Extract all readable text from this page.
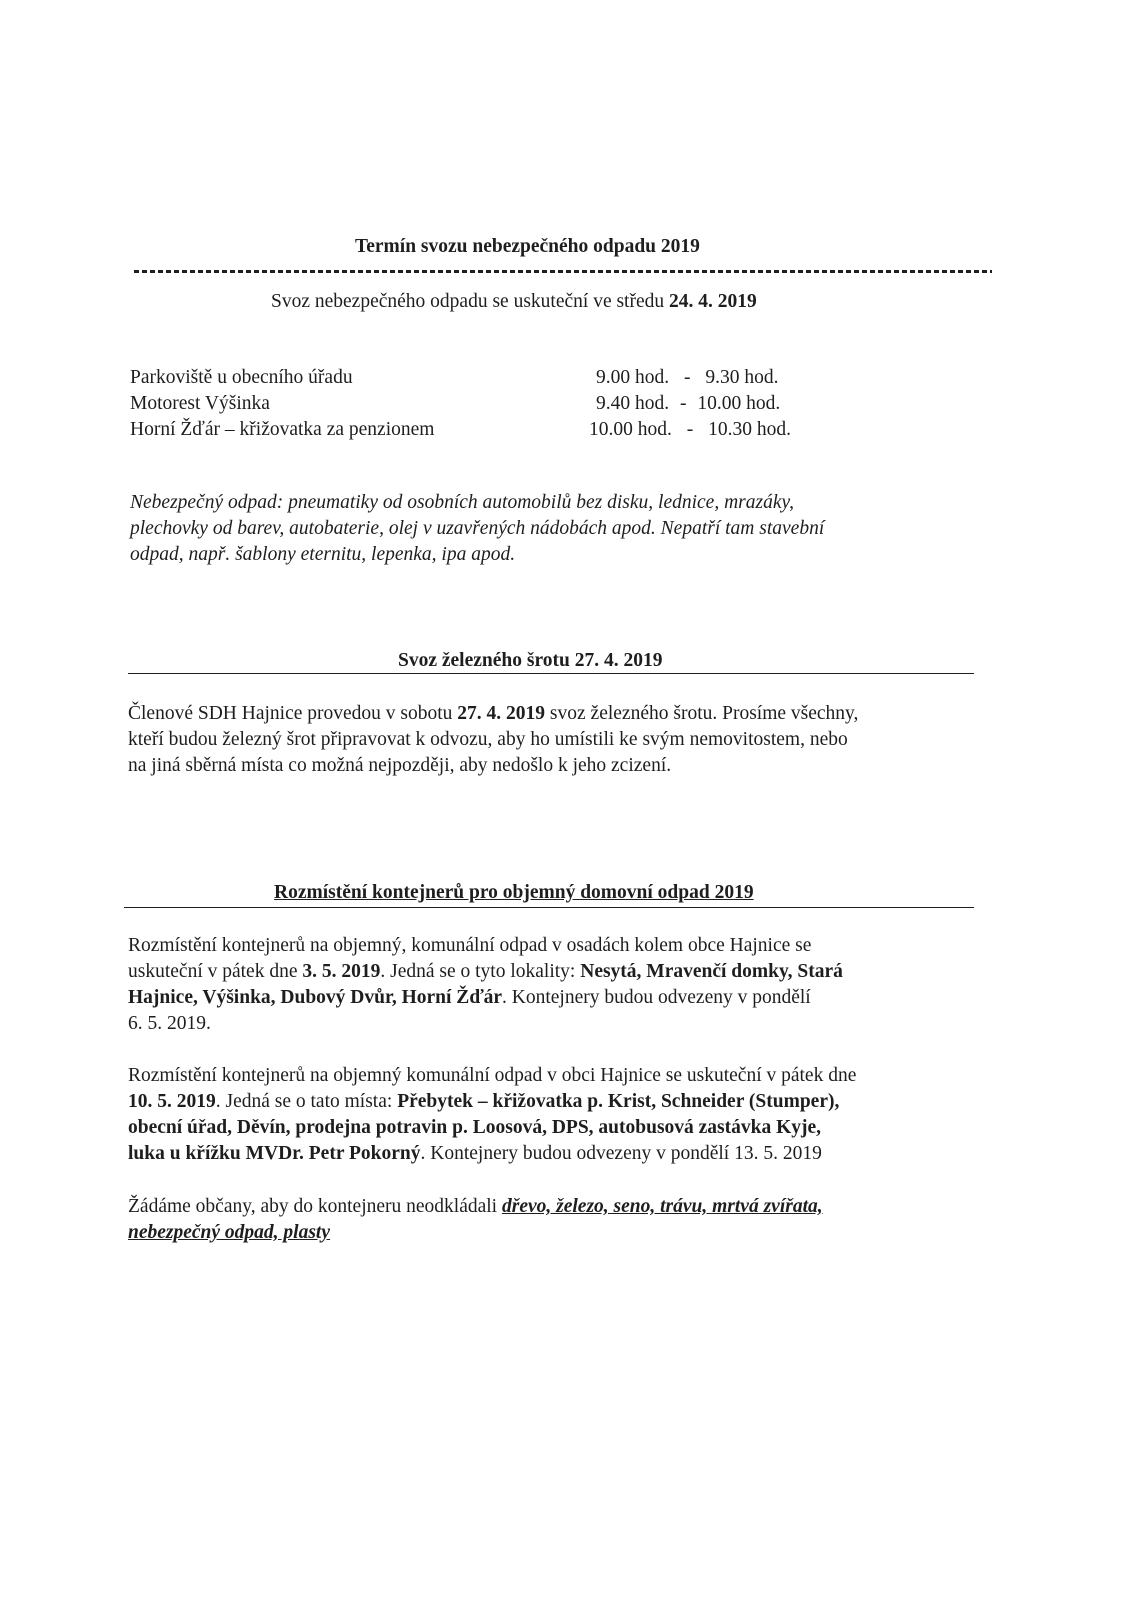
Termín svozu nebezpečného odpadu 2019
Svoz nebezpečného odpadu se uskuteční ve středu 24. 4. 2019
Parkoviště u obecního úřadu
Motorest Výšinka
Horní Žďár – křižovatka za penzionem
9.00 hod. - 9.30 hod.
9.40 hod. - 10.00 hod.
10.00 hod. - 10.30 hod.
Nebezpečný odpad: pneumatiky od osobních automobilů bez disku, lednice, mrazáky,
plechovky od barev, autobaterie, olej v uzavřených nádobách apod. Nepatří tam stavební
odpad, např. šablony eternitu, lepenka, ipa apod.
Svoz železného šrotu 27. 4. 2019
Členové SDH Hajnice provedou v sobotu 27. 4. 2019 svoz železného šrotu. Prosíme všechny,
kteří budou železný šrot připravovat k odvozu, aby ho umístili ke svým nemovitostem, nebo
na jiná sběrná místa co možná nejpozději, aby nedošlo k jeho zcizení.
Rozmístění kontejnerů pro objemný domovní odpad 2019
Rozmístění kontejnerů na objemný, komunální odpad v osadách kolem obce Hajnice se
uskuteční v pátek dne 3. 5. 2019. Jedná se o tyto lokality: Nesytá, Mravenčí domky, Stará
Hajnice, Výšinka, Dubový Dvůr, Horní Žďár. Kontejnery budou odvezeny v pondělí
6. 5. 2019.
Rozmístění kontejnerů na objemný komunální odpad v obci Hajnice se uskuteční v pátek dne
10. 5. 2019. Jedná se o tato místa: Přebytek – křižovatka p. Krist, Schneider (Stumper),
obecní úřad, Děvín, prodejna potravin p. Loosová, DPS, autobusová zastávka Kyje,
luka u křížku MVDr. Petr Pokorný. Kontejnery budou odvezeny v pondělí 13. 5. 2019
Žádáme občany, aby do kontejneru neodkládali dřevo, železo, seno, trávu, mrtvá zvířata,
nebezpečný odpad, plasty
